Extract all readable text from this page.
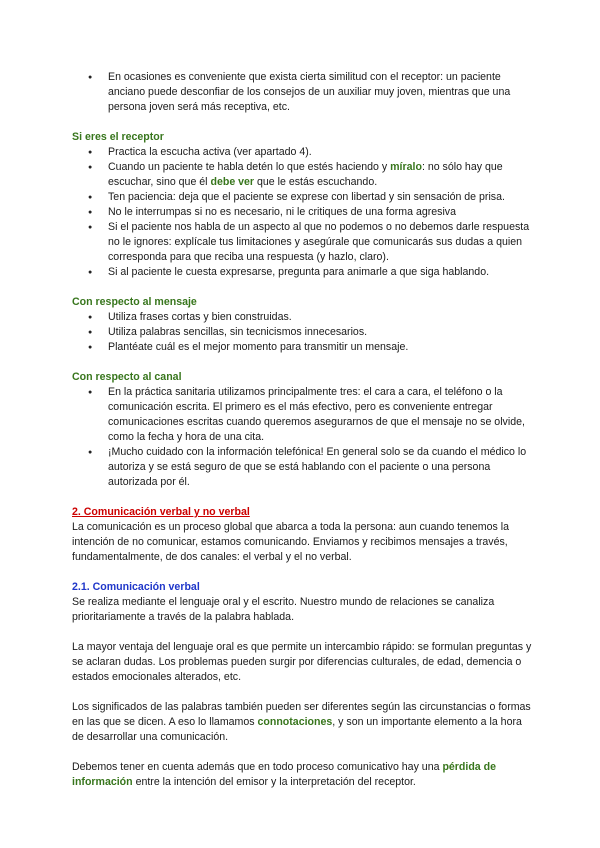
● En ocasiones es conveniente que exista cierta similitud con el receptor: un paciente anciano puede desconfiar de los consejos de un auxiliar muy joven, mientras que una persona joven será más receptiva, etc.

Si eres el receptor

● Practica la escucha activa (ver apartado 4).
● Cuando un paciente te habla detén lo que estés haciendo y míralo: no sólo hay que escuchar, sino que él debe ver que le estás escuchando.
● Ten paciencia: deja que el paciente se exprese con libertad y sin sensación de prisa.
● No le interrumpas si no es necesario, ni le critiques de una forma agresiva
● Si el paciente nos habla de un aspecto al que no podemos o no debemos darle respuesta no le ignores: explícale tus limitaciones y asegúrale que comunicarás sus dudas a quien corresponda para que reciba una respuesta (y hazlo, claro).
● Si al paciente le cuesta expresarse, pregunta para animarle a que siga hablando.

Con respecto al mensaje

● Utiliza frases cortas y bien construidas.
● Utiliza palabras sencillas, sin tecnicismos innecesarios.
● Plantéate cuál es el mejor momento para transmitir un mensaje.

Con respecto al canal

● En la práctica sanitaria utilizamos principalmente tres: el cara a cara, el teléfono o la comunicación escrita. El primero es el más efectivo, pero es conveniente entregar comunicaciones escritas cuando queremos asegurarnos de que el mensaje no se olvide, como la fecha y hora de una cita.
● ¡Mucho cuidado con la información telefónica! En general solo se da cuando el médico lo autoriza y se está seguro de que se está hablando con el paciente o una persona autorizada por él.

2. Comunicación verbal y no verbal

La comunicación es un proceso global que abarca a toda la persona: aun cuando tenemos la intención de no comunicar, estamos comunicando. Enviamos y recibimos mensajes a través, fundamentalmente, de dos canales: el verbal y el no verbal.

2.1. Comunicación verbal

Se realiza mediante el lenguaje oral y el escrito. Nuestro mundo de relaciones se canaliza prioritariamente a través de la palabra hablada.

La mayor ventaja del lenguaje oral es que permite un intercambio rápido: se formulan preguntas y se aclaran dudas. Los problemas pueden surgir por diferencias culturales, de edad, demencia o estados emocionales alterados, etc.

Los significados de las palabras también pueden ser diferentes según las circunstancias o formas en las que se dicen. A eso lo llamamos connotaciones, y son un importante elemento a la hora de desarrollar una comunicación.

Debemos tener en cuenta además que en todo proceso comunicativo hay una pérdida de información entre la intención del emisor y la interpretación del receptor.
